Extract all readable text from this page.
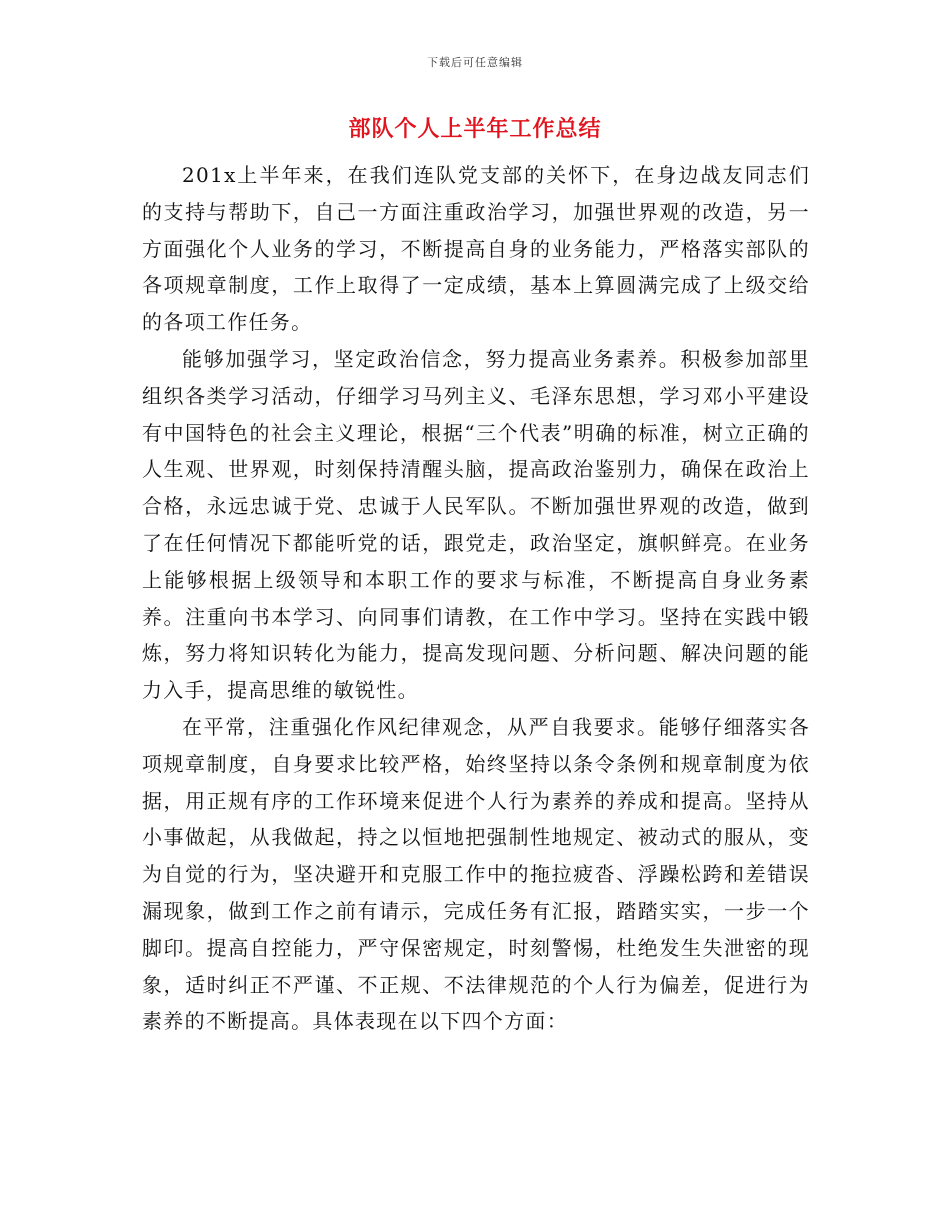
下载后可任意编辑
部队个人上半年工作总结

201x上半年来，在我们连队党支部的关怀下，在身边战友同志们的支持与帮助下，自己一方面注重政治学习，加强世界观的改造，另一方面强化个人业务的学习，不断提高自身的业务能力，严格落实部队的各项规章制度，工作上取得了一定成绩，基本上算圆满完成了上级交给的各项工作任务。

能够加强学习，坚定政治信念，努力提高业务素养。积极参加部里组织各类学习活动，仔细学习马列主义、毛泽东思想，学习邓小平建设有中国特色的社会主义理论，根据“三个代表”明确的标准，树立正确的人生观、世界观，时刻保持清醒头脑，提高政治鉴别力，确保在政治上合格，永远忠诚于党、忠诚于人民军队。不断加强世界观的改造，做到了在任何情况下都能听党的话，跟党走，政治坚定，旗帜鲜亮。在业务上能够根据上级领导和本职工作的要求与标准，不断提高自身业务素养。注重向书本学习、向同事们请教，在工作中学习。坚持在实践中锻炼，努力将知识转化为能力，提高发现问题、分析问题、解决问题的能力入手，提高思维的敏锐性。

在平常，注重强化作风纪律观念，从严自我要求。能够仔细落实各项规章制度，自身要求比较严格，始终坚持以条令条例和规章制度为依据，用正规有序的工作环境来促进个人行为素养的养成和提高。坚持从小事做起，从我做起，持之以恒地把强制性地规定、被动式的服从，变为自觉的行为，坚决避开和克服工作中的拖拉疲沓、浮躁松跨和差错误漏现象，做到工作之前有请示，完成任务有汇报，踏踏实实，一步一个脚印。提高自控能力，严守保密规定，时刻警惕，杜绝发生失泄密的现象，适时纠正不严谨、不正规、不法律规范的个人行为偏差，促进行为素养的不断提高。具体表现在以下四个方面：
